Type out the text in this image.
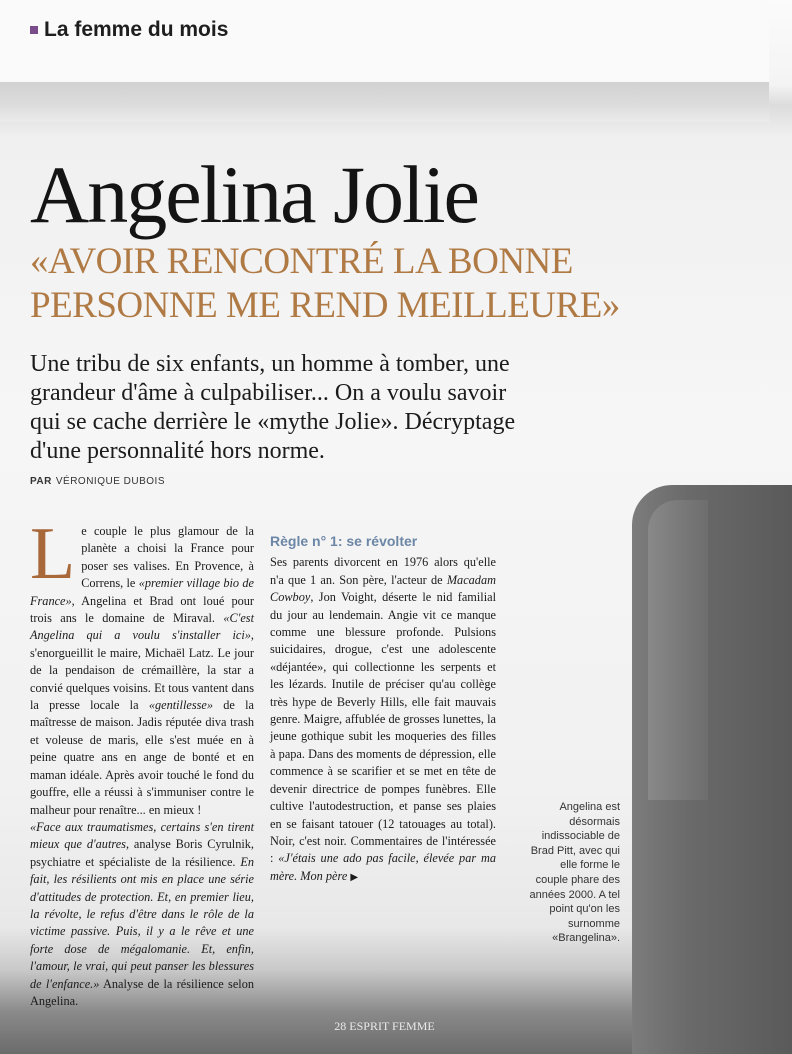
La femme du mois
Angelina Jolie
«AVOIR RENCONTRÉ LA BONNE PERSONNE ME REND MEILLEURE»
Une tribu de six enfants, un homme à tomber, une grandeur d'âme à culpabiliser... On a voulu savoir qui se cache derrière le «mythe Jolie». Décryptage d'une personnalité hors norme.
PAR VÉRONIQUE DUBOIS

Le couple le plus glamour de la planète a choisi la France pour poser ses valises. En Provence, à Correns, le «premier village bio de France», Angelina et Brad ont loué pour trois ans le domaine de Miraval. «C'est Angelina qui a voulu s'installer ici», s'enorgueillit le maire, Michaël Latz. Le jour de la pendaison de crémaillère, la star a convié quelques voisins. Et tous vantent dans la presse locale la «gentillesse» de la maîtresse de maison. Jadis réputée diva trash et voleuse de maris, elle s'est muée en à peine quatre ans en ange de bonté et en maman idéale. Après avoir touché le fond du gouffre, elle a réussi à s'immuniser contre le malheur pour renaître... en mieux !

«Face aux traumatismes, certains s'en tirent mieux que d'autres, analyse Boris Cyrulnik, psychiatre et spécialiste de la résilience. En fait, les résilients ont mis en place une série d'attitudes de protection. Et, en premier lieu, la révolte, le refus d'être dans le rôle de la victime passive. Puis, il y a le rêve et une forte dose de mégalomanie. Et, enfin, l'amour, le vrai, qui peut panser les blessures de l'enfance.» Analyse de la résilience selon Angelina.

Règle n° 1: se révolter

Ses parents divorcent en 1976 alors qu'elle n'a que 1 an. Son père, l'acteur de Macadam Cowboy, Jon Voight, déserte le nid familial du jour au lendemain. Angie vit ce manque comme une blessure profonde. Pulsions suicidaires, drogue, c'est une adolescente «déjantée», qui collectionne les serpents et les lézards. Inutile de préciser qu'au collège très hype de Beverly Hills, elle fait mauvais genre. Maigre, affublée de grosses lunettes, la jeune gothique subit les moqueries des filles à papa. Dans des moments de dépression, elle commence à se scarifier et se met en tête de devenir directrice de pompes funèbres. Elle cultive l'autodestruction, et panse ses plaies en se faisant tatouer (12 tatouages au total). Noir, c'est noir. Commentaires de l'intéressée : «J'étais une ado pas facile, élevée par ma mère. Mon père ▶

Angelina est désormais indissociable de Brad Pitt, avec qui elle forme le couple phare des années 2000. A tel point qu'on les surnomme «Brangelina».
28 ESPRIT FEMME
